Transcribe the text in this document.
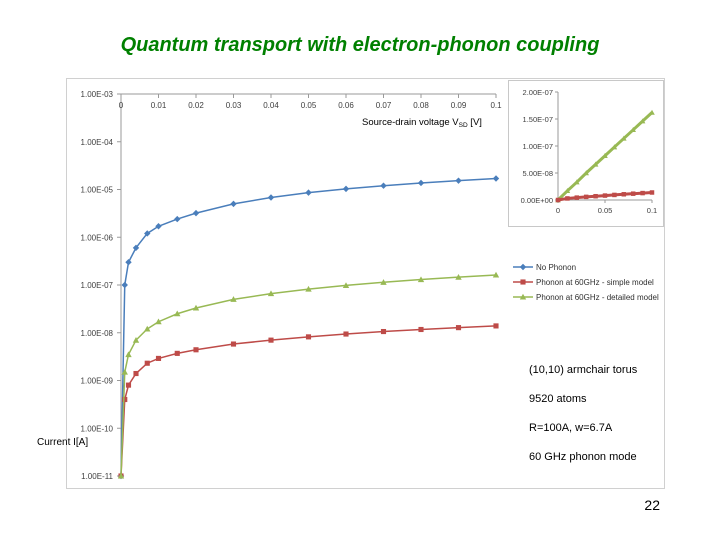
Quantum transport with electron-phonon coupling
1.00E-03
1.00E-04
1.00E-05
1.00E-06
1.00E-07
1.00E-08
1.00E-09
1.00E-10
1.00E-11
0	0.01	0.02	0.03	0.04	0.05	0.06	0.07	0.08	0.09	0.1
No Phonon
Phonon at 60GHz - simple model
Phonon at 60GHz - detailed model
Source-drain voltage $V_{SD}$ [V]
2.00E-07
1.50E-07
1.00E-07
5.00E-08
0.00E+00
0	0.05	0.1
Current I[A]
(10,10) armchair torus
9520 atoms
R=100A, w=6.7A
60 GHz phonon mode
22
